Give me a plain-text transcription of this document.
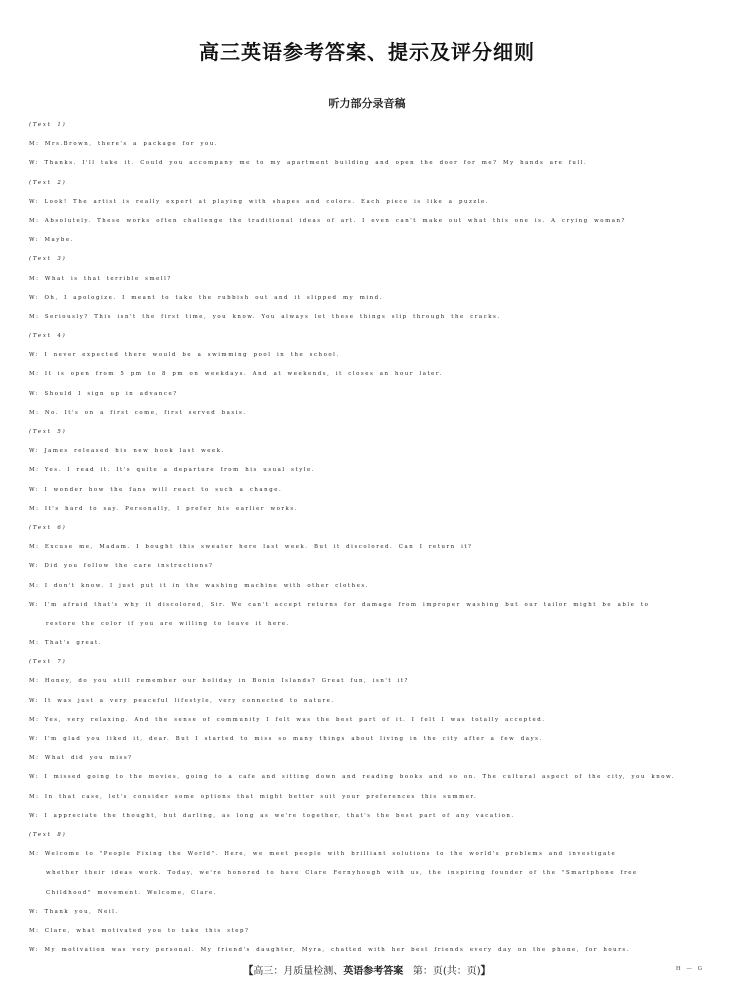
高三英语参考答案、提示及评分细则
听力部分录音稿
(Text 1)
M: Mrs.Brown, there's a package for you.
W: Thanks. I'll take it. Could you accompany me to my apartment building and open the door for me? My hands are full.
(Text 2)
W: Look! The artist is really expert at playing with shapes and colors. Each piece is like a puzzle.
M: Absolutely. These works often challenge the traditional ideas of art. I even can't make out what this one is. A crying woman?
W: Maybe.
(Text 3)
M: What is that terrible smell?
W: Oh, I apologize. I meant to take the rubbish out and it slipped my mind.
M: Seriously? This isn't the first time, you know. You always let these things slip through the cracks.
(Text 4)
W: I never expected there would be a swimming pool in the school.
M: It is open from 5 pm to 8 pm on weekdays. And at weekends, it closes an hour later.
W: Should I sign up in advance?
M: No. It's on a first come, first served basis.
(Text 5)
W: James released his new book last week.
M: Yes. I read it. It's quite a departure from his usual style.
W: I wonder how the fans will react to such a change.
M: It's hard to say. Personally, I prefer his earlier works.
(Text 6)
M: Excuse me, Madam. I bought this sweater here last week. But it discolored. Can I return it?
W: Did you follow the care instructions?
M: I don't know. I just put it in the washing machine with other clothes.
W: I'm afraid that's why it discolored, Sir. We can't accept returns for damage from improper washing but our tailor might be able to
restore the color if you are willing to leave it here.
M: That's great.
(Text 7)
M: Honey, do you still remember our holiday in Bonin Islands? Great fun, isn't it?
W: It was just a very peaceful lifestyle, very connected to nature.
M: Yes, very relaxing. And the sense of community I felt was the best part of it. I felt I was totally accepted.
W: I'm glad you liked it, dear. But I started to miss so many things about living in the city after a few days.
M: What did you miss?
W: I missed going to the movies, going to a cafe and sitting down and reading books and so on. The cultural aspect of the city, you know.
M: In that case, let's consider some options that might better suit your preferences this summer.
W: I appreciate the thought, but darling, as long as we're together, that's the best part of any vacation.
(Text 8)
M: Welcome to "People Fixing the World". Here, we meet people with brilliant solutions to the world's problems and investigate
whether their ideas work. Today, we're honored to have Clare Fernyhough with us, the inspiring founder of the "Smartphone free
Childhood" movement. Welcome, Clare.
W: Thank you, Neil.
M: Clare, what motivated you to take this step?
W: My motivation was very personal. My friend's daughter, Myra, chatted with her best friends every day on the phone, for hours.
【高三：月质量检测、英语参考答案 第：页(共：页)】	H — G
